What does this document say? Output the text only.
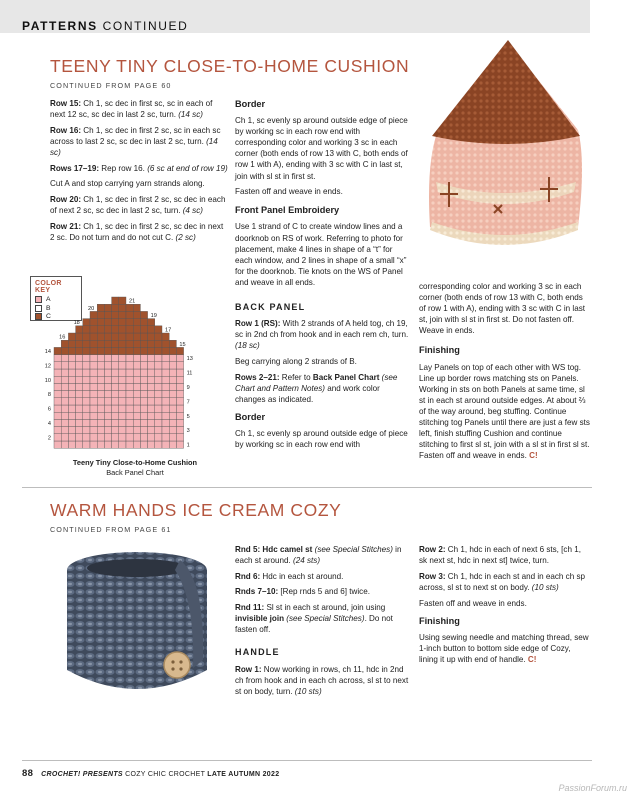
PATTERNS CONTINUED
TEENY TINY CLOSE-TO-HOME CUSHION
CONTINUED FROM PAGE 60

Row 15: Ch 1, sc dec in first sc, sc in each of next 12 sc, sc dec in last 2 sc, turn. (14 sc)

Row 16: Ch 1, sc dec in first 2 sc, sc in each sc across to last 2 sc, sc dec in last 2 sc, turn. (14 sc)

Rows 17–19: Rep row 16. (6 sc at end of row 19)

Cut A and stop carrying yarn strands along.

Row 20: Ch 1, sc dec in first 2 sc, sc dec in each of next 2 sc, sc dec in last 2 sc, turn. (4 sc)

Row 21: Ch 1, sc dec in first 2 sc, sc dec in next 2 sc. Do not turn and do not cut C. (2 sc)

Border

Ch 1, sc evenly sp around outside edge of piece by working sc in each row end with corresponding color and working 3 sc in each corner (both ends of row 13 with C, both ends of row 1 with A), ending with 3 sc with C in last st, join with sl st in first st.

Fasten off and weave in ends.

Front Panel Embroidery

Use 1 strand of C to create window lines and a doorknob on RS of work. Referring to photo for placement, make 4 lines in shape of a “t” for each window, and 2 lines in shape of a small “x” for the doorknob. Tie knots on the WS of Panel and weave in all ends.

BACK PANEL

Row 1 (RS): With 2 strands of A held tog, ch 19, sc in 2nd ch from hook and in each rem ch, turn. (18 sc)

Beg carrying along 2 strands of B.

Rows 2–21: Refer to Back Panel Chart (see Chart and Pattern Notes) and work color changes as indicated.

Border

Ch 1, sc evenly sp around outside edge of piece by working sc in each row end with

corresponding color and working 3 sc in each corner (both ends of row 13 with C, both ends of row 1 with A), ending with 3 sc with C in last st, join with sl st in first st. Do not fasten off. Weave in ends.

Finishing

Lay Panels on top of each other with WS tog. Line up border rows matching sts on Panels. Working in sts on both Panels at same time, sl st in each st around outside edges. At about ⅔ of the way around, beg stuffing. Continue stitching tog Panels until there are just a few sts left, finish stuffing Cushion and continue stitching to first sl st, join with a sl st in first sl st. Fasten off and weave in ends. C!

COLOR KEY
A
B
C
1
3
5
7
9
11
13
15
17
19
21
2
4
6
8
10
12
14
16
18
20
Teeny Tiny Close-to-Home Cushion
Back Panel Chart
WARM HANDS ICE CREAM COZY
CONTINUED FROM PAGE 61

Rnd 5: Hdc camel st (see Special Stitches) in each st around. (24 sts)

Rnd 6: Hdc in each st around.

Rnds 7–10: [Rep rnds 5 and 6] twice.

Rnd 11: Sl st in each st around, join using invisible join (see Special Stitches). Do not fasten off.

HANDLE

Row 1: Now working in rows, ch 11, hdc in 2nd ch from hook and in each ch across, sl st to next st on body, turn. (10 sts)

Row 2: Ch 1, hdc in each of next 6 sts, [ch 1, sk next st, hdc in next st] twice, turn.

Row 3: Ch 1, hdc in each st and in each ch sp across, sl st to next st on body. (10 sts)

Fasten off and weave in ends.

Finishing

Using sewing needle and matching thread, sew 1-inch button to bottom side edge of Cozy, lining it up with end of handle. C!

88 CROCHET! PRESENTS COZY CHIC CROCHET LATE AUTUMN 2022
PassionForum.ru
